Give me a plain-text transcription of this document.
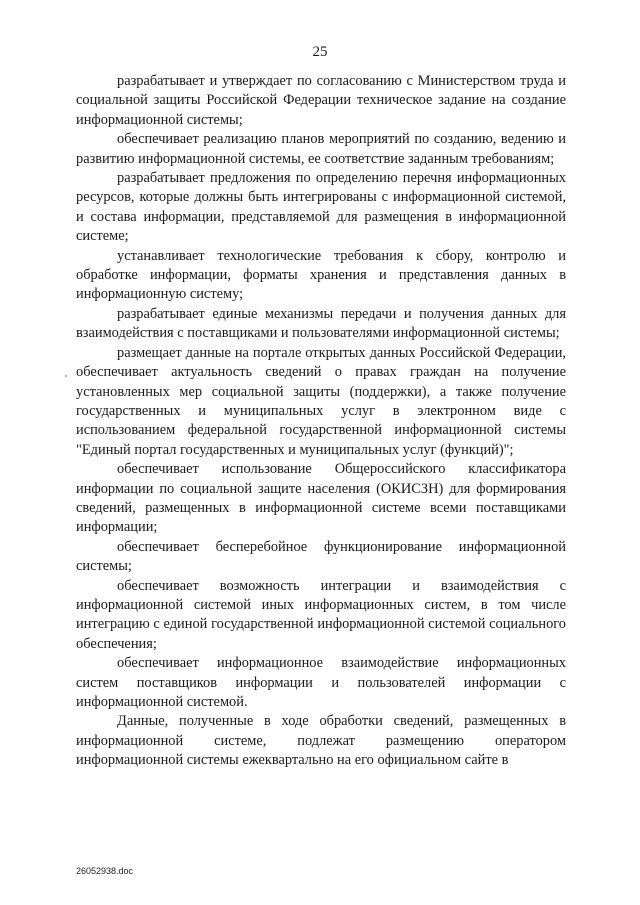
25

разрабатывает и утверждает по согласованию с Министерством труда и социальной защиты Российской Федерации техническое задание на создание информационной системы;

обеспечивает реализацию планов мероприятий по созданию, ведению и развитию информационной системы, ее соответствие заданным требованиям;

разрабатывает предложения по определению перечня информационных ресурсов, которые должны быть интегрированы с информационной системой, и состава информации, представляемой для размещения в информационной системе;

устанавливает технологические требования к сбору, контролю и обработке информации, форматы хранения и представления данных в информационную систему;

разрабатывает единые механизмы передачи и получения данных для взаимодействия с поставщиками и пользователями информационной системы;

размещает данные на портале открытых данных Российской Федерации, обеспечивает актуальность сведений о правах граждан на получение установленных мер социальной защиты (поддержки), а также получение государственных и муниципальных услуг в электронном виде с использованием федеральной государственной информационной системы "Единый портал государственных и муниципальных услуг (функций)";

обеспечивает использование Общероссийского классификатора информации по социальной защите населения (ОКИСЗН) для формирования сведений, размещенных в информационной системе всеми поставщиками информации;

обеспечивает бесперебойное функционирование информационной системы;

обеспечивает возможность интеграции и взаимодействия с информационной системой иных информационных систем, в том числе интеграцию с единой государственной информационной системой социального обеспечения;

обеспечивает информационное взаимодействие информационных систем поставщиков информации и пользователей информации с информационной системой.

Данные, полученные в ходе обработки сведений, размещенных в информационной системе, подлежат размещению оператором информационной системы ежеквартально на его официальном сайте в

26052938.doc
